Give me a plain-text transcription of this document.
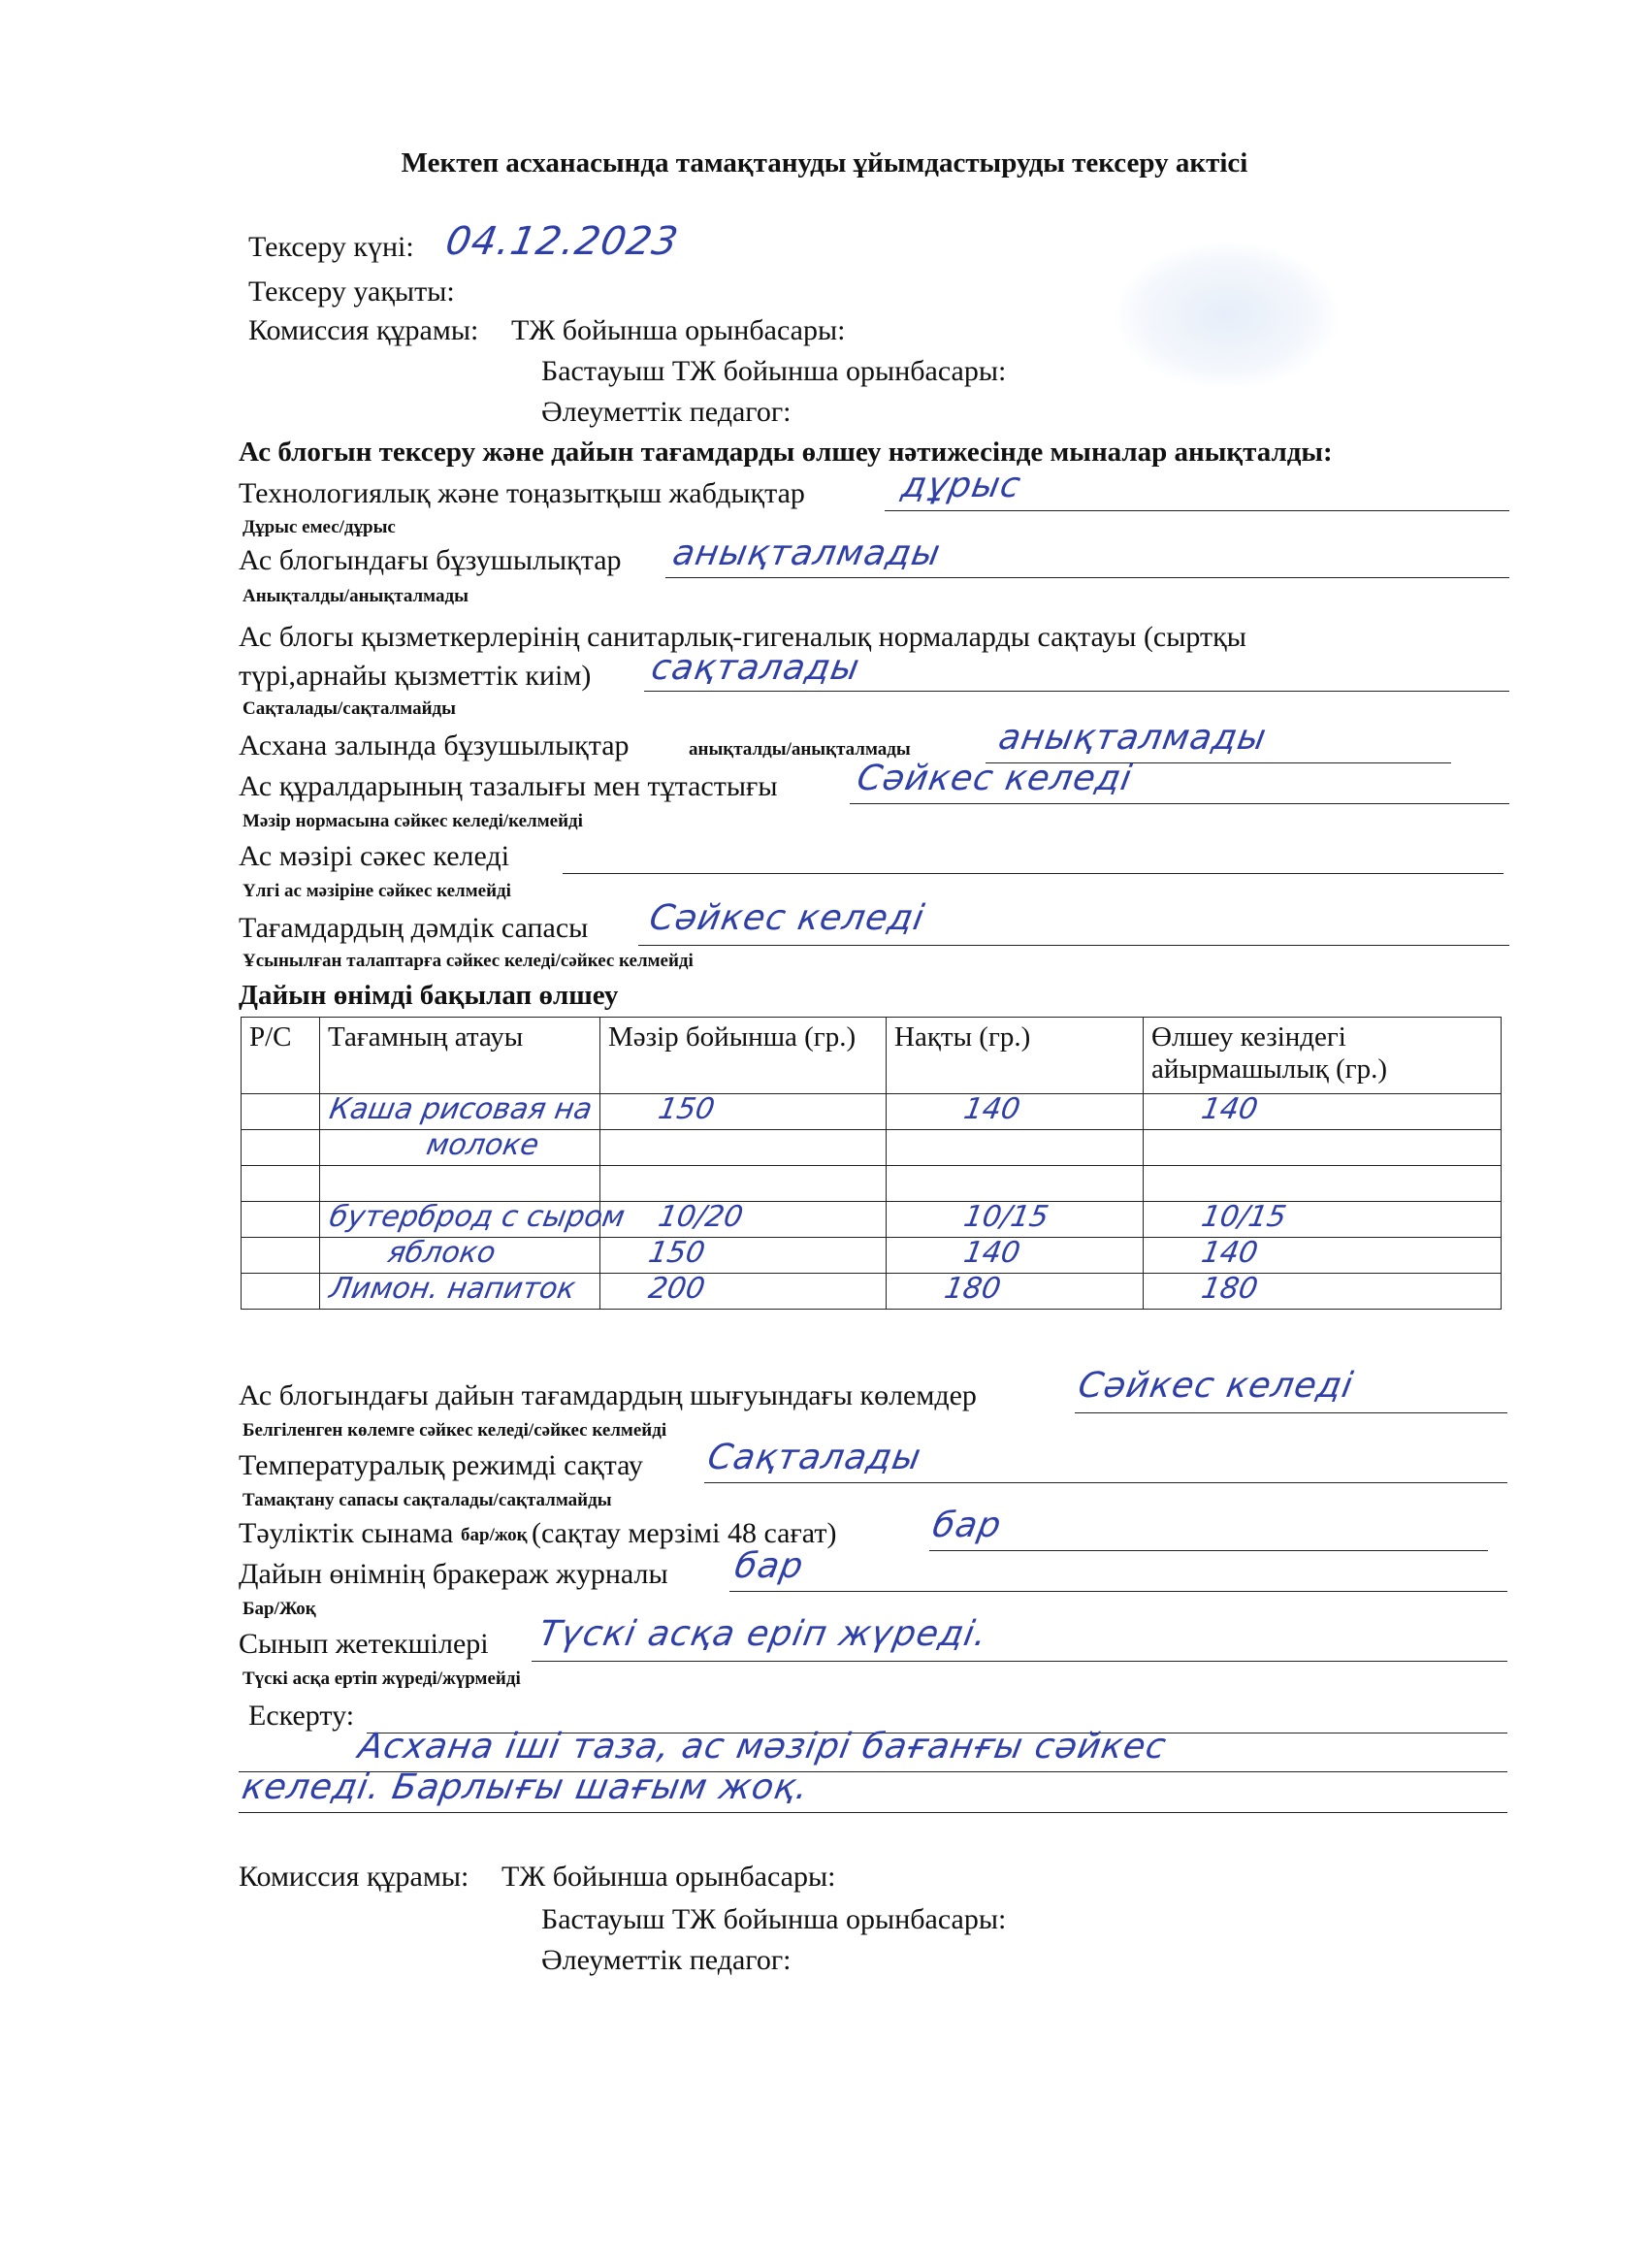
Мектеп асханасында тамақтануды ұйымдастыруды тексеру актісі
Тексеру күні: 04.12.2023
Тексеру уақыты:
Комиссия құрамы: ТЖ бойынша орынбасары:
Бастауыш ТЖ бойынша орынбасары:
Әлеуметтік педагог:
Ас блогын тексеру және дайын тағамдарды өлшеу нәтижесінде мыналар анықталды:
Технологиялық және тоңазытқыш жабдықтар	дұрыс
Дұрыс емес/дұрыс
Ас блогындағы бұзушылықтар анықталмады
Анықталды/анықталмады
Ас блогы қызметкерлерінің санитарлық-гигеналық нормаларды сақтауы (сыртқы
түрі,арнайы қызметтік киім) сақталады
Сақталады/сақталмайды
Асхана залында бұзушылықтар	анықталды/анықталмады анықталмады
Ас құралдарының тазалығы мен тұтастығы Сәйкес келеді
Мәзір нормасына сәйкес келеді/келмейді
Ас мәзірі сәкес келеді
Үлгі ас мәзіріне сәйкес келмейді
Тағамдардың дәмдік сапасы Сәйкес келеді
Ұсынылған талаптарға сәйкес келеді/сәйкес келмейді
Дайын өнімді бақылап өлшеу
Р/С	Тағамның атауы	Мәзір бойынша (гр.)	Нақты (гр.)	Өлшеу кезіндегі айырмашылық (гр.)

	Каша рисовая на	150	140	140

	молоке			

	бутерброд с сыром	10/20	10/15	10/15

	яблоко	150	140	140

	Лимон. напиток	200	180	180
Ас блогындағы дайын тағамдардың шығуындағы көлемдер	Сәйкес келеді
Белгіленген көлемге сәйкес келеді/сәйкес келмейді
Температуралық режимді сақтау Сақталады
Тамақтану сапасы сақталады/сақталмайды
Тәуліктік сынама бар/жоқ (сақтау мерзімі 48 сағат)	бар
Дайын өнімнің бракераж журналы бар
Бар/Жоқ
Сынып жетекшілері Түскі асқа еріп жүреді.
Түскі асқа ертіп жүреді/жүрмейді
Ескерту:
Асхана іші таза, ас мәзірі бағанғы сәйкес
келеді. Барлығы шағым жоқ.
Комиссия құрамы: ТЖ бойынша орынбасары:
Бастауыш ТЖ бойынша орынбасары:
Әлеуметтік педагог:
